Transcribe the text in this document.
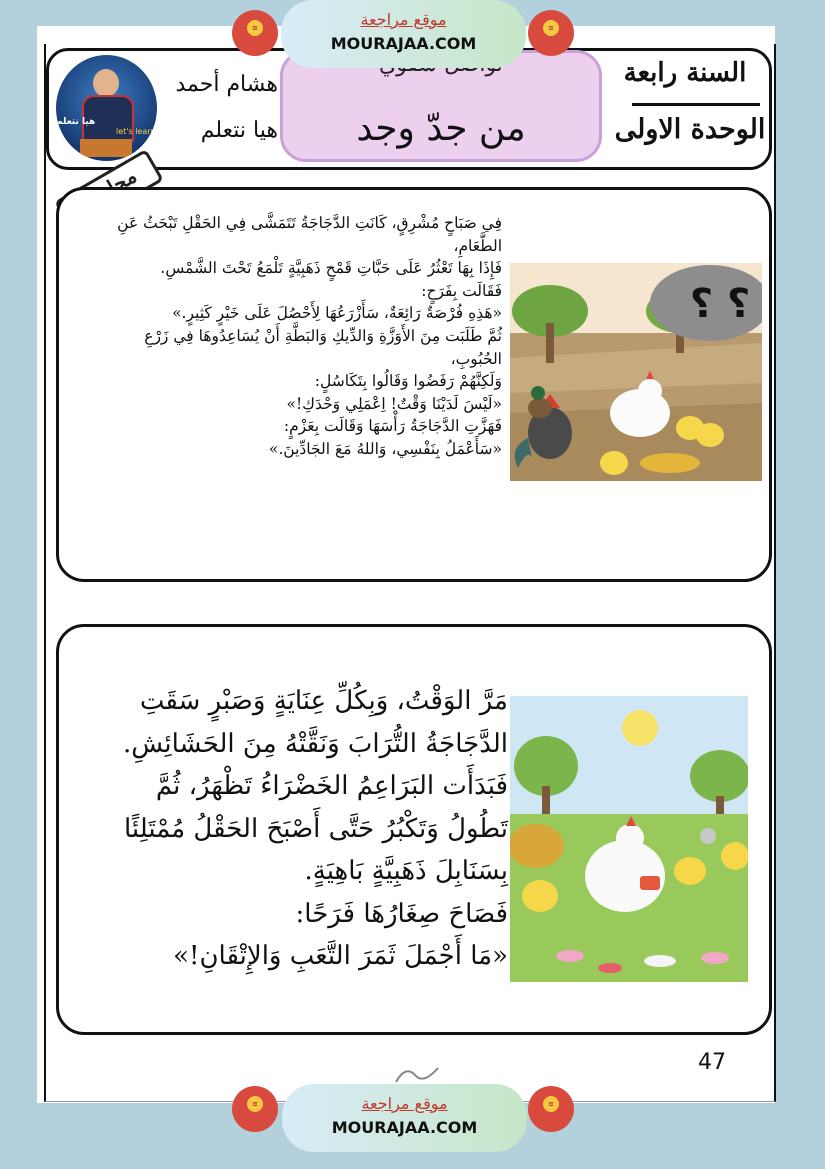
هيا نتعلم
let's learn
هشام أحمد
هيا نتعلم	من جدّ وجد
السنة رابعة
الوحدة الاولى
موقع مراجعة
MOURAJAA.COM
≡	≡
فِي صَبَاحٍ مُشْرِقٍ، كَانَتِ الدَّجَاجَةُ تَتَمَشَّى فِي الحَقْلِ تَبْحَثُ عَنِ الطَّعَامِ،
فَإِذَا بِهَا تَعْثُرُ عَلَى حَبَّاتِ قَمْحٍ ذَهَبِيَّةٍ تَلْمَعُ تَحْتَ الشَّمْسِ.
فَقَالَت بِفَرَحٍ:
«هَذِهِ فُرْصَةٌ رَائِعَةٌ، سَأَزْرَعُهَا لِأَحْصُلَ عَلَى خَيْرٍ كَثِيرٍ.»
ثُمَّ طَلَبَت مِنَ الأَوَزَّةِ وَالدِّيكِ وَالبَطَّةِ أَنْ يُسَاعِدُوهَا فِي زَرْعِ الحُبُوبِ،
وَلَكِنَّهُمْ رَفَضُوا وَقَالُوا بِتَكَاسُلٍ:
«لَيْسَ لَدَيْنَا وَقْتٌ! اِعْمَلِي وَحْدَكِ!»
فَهَزَّتِ الدَّجَاجَةُ رَأْسَهَا وَقَالَت بِعَزْمٍ:
«سَأَعْمَلُ بِنَفْسِي، وَاللهُ مَعَ الجَادِّينَ.»
؟ ؟
مَرَّ الوَقْتُ، وَبِكُلِّ عِنَايَةٍ وَصَبْرٍ سَقَتِ الدَّجَاجَةُ التُّرَابَ وَنَقَّتْهُ مِنَ الحَشَائِشِ.
فَبَدَأَت البَرَاعِمُ الخَضْرَاءُ تَظْهَرُ، ثُمَّ تَطُولُ وَتَكْبُرُ حَتَّى أَصْبَحَ الحَقْلُ مُمْتَلِئًا بِسَنَابِلَ ذَهَبِيَّةٍ بَاهِيَةٍ.
فَصَاحَ صِغَارُهَا فَرَحًا:
«مَا أَجْمَلَ ثَمَرَ التَّعَبِ وَالإِتْقَانِ!»
47
موقع مراجعة
MOURAJAA.COM
≡	≡
